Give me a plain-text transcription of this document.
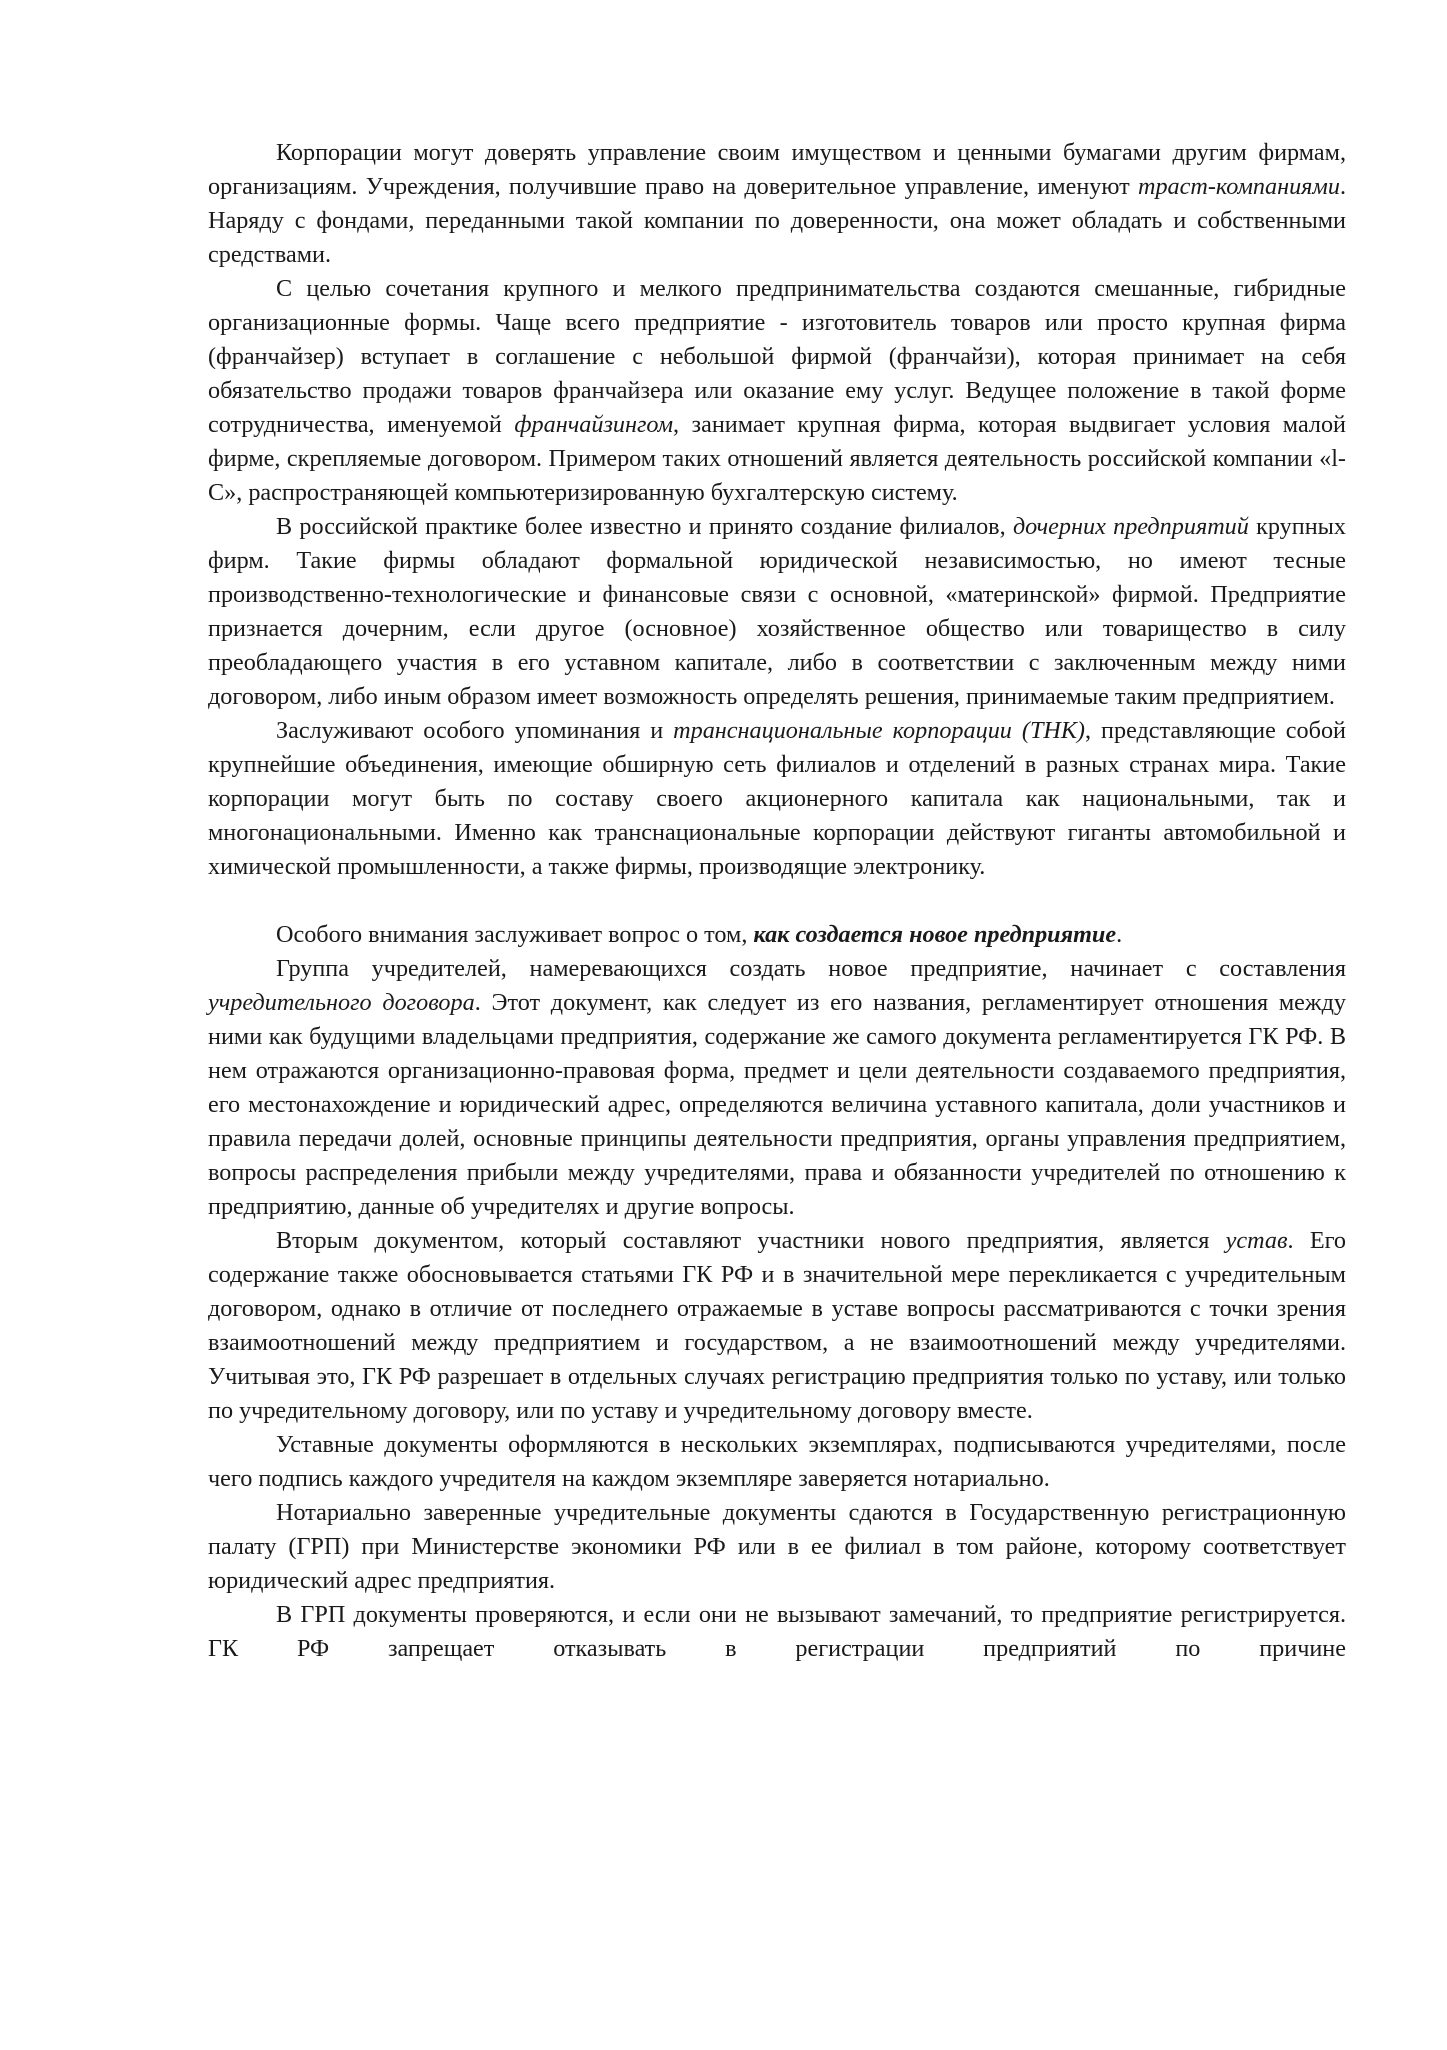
Корпорации могут доверять управление своим имуществом и ценными бумагами другим фирмам, организациям. Учреждения, получившие право на доверительное управление, именуют траст-компаниями. Наряду с фондами, переданными такой компании по доверенности, она может обладать и собственными средствами.

С целью сочетания крупного и мелкого предпринимательства создаются смешанные, гибридные организационные формы. Чаще всего предприятие - изготовитель товаров или просто крупная фирма (франчайзер) вступает в соглашение с небольшой фирмой (франчайзи), которая принимает на себя обязательство продажи товаров франчайзера или оказание ему услуг. Ведущее положение в такой форме сотрудничества, именуемой франчайзингом, занимает крупная фирма, которая выдвигает условия малой фирме, скрепляемые договором. Примером таких отношений является деятельность российской компании «l-С», распространяющей компьютеризированную бухгалтерскую систему.

В российской практике более известно и принято создание филиалов, дочерних предприятий крупных фирм. Такие фирмы обладают формальной юридической независимостью, но имеют тесные производственно-технологические и финансовые связи с основной, «материнской» фирмой. Предприятие признается дочерним, если другое (основное) хозяйственное общество или товарищество в силу преобладающего участия в его уставном капитале, либо в соответствии с заключенным между ними договором, либо иным образом имеет возможность определять решения, принимаемые таким предприятием.

Заслуживают особого упоминания и транснациональные корпорации (ТНК), представляющие собой крупнейшие объединения, имеющие обширную сеть филиалов и отделений в разных странах мира. Такие корпорации могут быть по составу своего акционерного капитала как национальными, так и многонациональными. Именно как транснациональные корпорации действуют гиганты автомобильной и химической промышленности, а также фирмы, производящие электронику.

Особого внимания заслуживает вопрос о том, как создается новое предприятие.

Группа учредителей, намеревающихся создать новое предприятие, начинает с составления учредительного договора. Этот документ, как следует из его названия, регламентирует отношения между ними как будущими владельцами предприятия, содержание же самого документа регламентируется ГК РФ. В нем отражаются организационно-правовая форма, предмет и цели деятельности создаваемого предприятия, его местонахождение и юридический адрес, определяются величина уставного капитала, доли участников и правила передачи долей, основные принципы деятельности предприятия, органы управления предприятием, вопросы распределения прибыли между учредителями, права и обязанности учредителей по отношению к предприятию, данные об учредителях и другие вопросы.

Вторым документом, который составляют участники нового предприятия, является устав. Его содержание также обосновывается статьями ГК РФ и в значительной мере перекликается с учредительным договором, однако в отличие от последнего отражаемые в уставе вопросы рассматриваются с точки зрения взаимоотношений между предприятием и государством, а не взаимоотношений между учредителями. Учитывая это, ГК РФ разрешает в отдельных случаях регистрацию предприятия только по уставу, или только по учредительному договору, или по уставу и учредительному договору вместе.

Уставные документы оформляются в нескольких экземплярах, подписываются учредителями, после чего подпись каждого учредителя на каждом экземпляре заверяется нотариально.

Нотариально заверенные учредительные документы сдаются в Государственную регистрационную палату (ГРП) при Министерстве экономики РФ или в ее филиал в том районе, которому соответствует юридический адрес предприятия.

В ГРП документы проверяются, и если они не вызывают замечаний, то предприятие регистрируется. ГК РФ запрещает отказывать в регистрации предприятий по причине
